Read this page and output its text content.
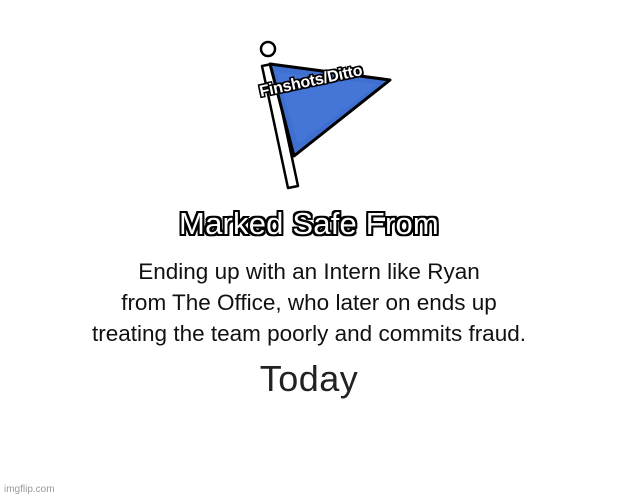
Finshots/Ditto
Marked Safe From
Ending up with an Intern like Ryan
from The Office, who later on ends up
treating the team poorly and commits fraud.
Today
imgflip.com
